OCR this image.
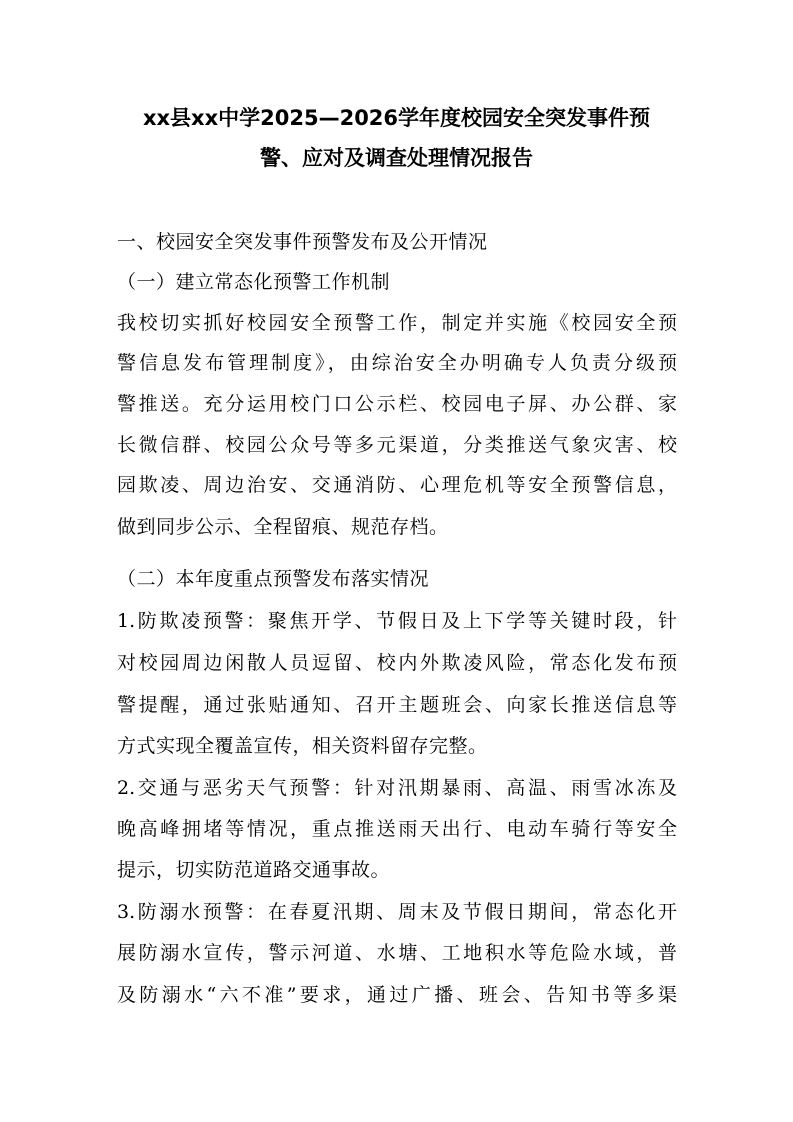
xx县xx中学2025—2026学年度校园安全突发事件预
警、应对及调查处理情况报告
一、校园安全突发事件预警发布及公开情况
（一）建立常态化预警工作机制
我校切实抓好校园安全预警工作，制定并实施《校园安全预
警信息发布管理制度》，由综治安全办明确专人负责分级预
警推送。充分运用校门口公示栏、校园电子屏、办公群、家
长微信群、校园公众号等多元渠道，分类推送气象灾害、校
园欺凌、周边治安、交通消防、心理危机等安全预警信息，
做到同步公示、全程留痕、规范存档。
（二）本年度重点预警发布落实情况
1.防欺凌预警：聚焦开学、节假日及上下学等关键时段，针
对校园周边闲散人员逗留、校内外欺凌风险，常态化发布预
警提醒，通过张贴通知、召开主题班会、向家长推送信息等
方式实现全覆盖宣传，相关资料留存完整。
2.交通与恶劣天气预警：针对汛期暴雨、高温、雨雪冰冻及
晚高峰拥堵等情况，重点推送雨天出行、电动车骑行等安全
提示，切实防范道路交通事故。
3.防溺水预警：在春夏汛期、周末及节假日期间，常态化开
展防溺水宣传，警示河道、水塘、工地积水等危险水域，普
及防溺水“六不准”要求，通过广播、班会、告知书等多渠
